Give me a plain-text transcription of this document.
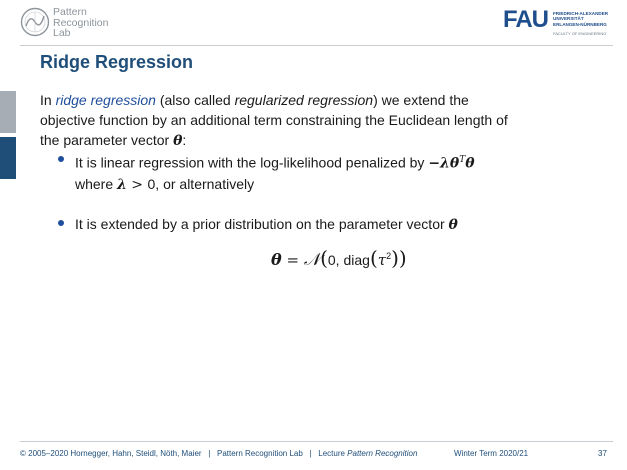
Pattern
Recognition
Lab	FAU FRIEDRICH-ALEXANDER
UNIVERSITÄT
ERLANGEN-NÜRNBERG
FACULTY OF ENGINEERING
Ridge Regression
In ridge regression (also called regularized regression) we extend the objective function by an additional term constraining the Euclidean length of the parameter vector θ:
It is linear regression with the log-likelihood penalized by $-\lambda\theta^T\theta$
where λ > 0, or alternatively
It is extended by a prior distribution on the parameter vector θ
θ = 𝒩(0, $diag(\tau^2)$)
© 2005–2020 Hornegger, Hahn, Steidl, Nöth, Maier | Pattern Recognition Lab | Lecture Pattern Recognition	Winter Term 2020/21	37
